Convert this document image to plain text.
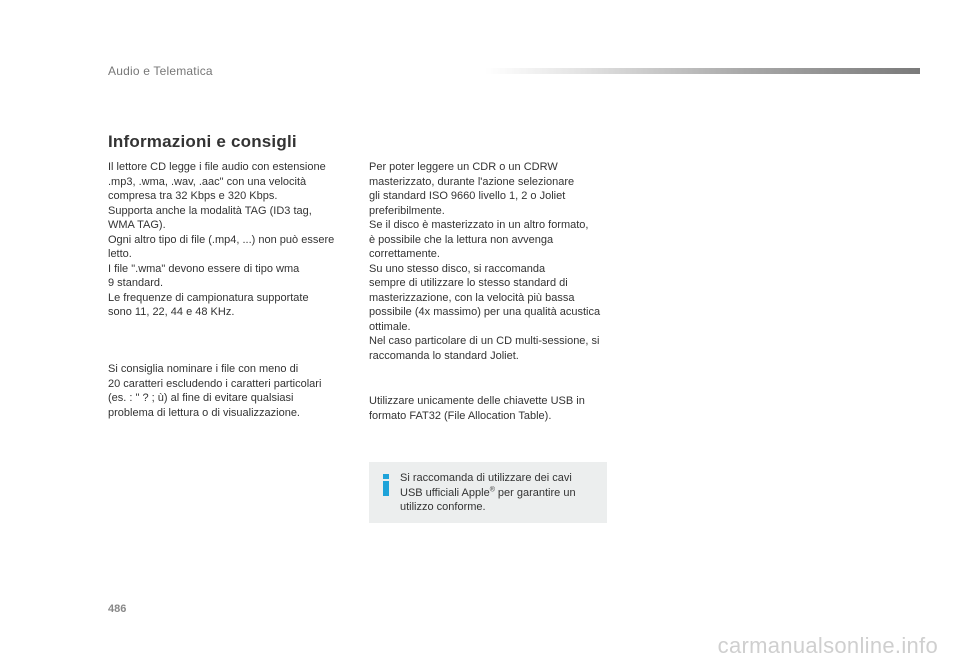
Audio e Telematica
Informazioni e consigli

Il lettore CD legge i file audio con estensione
.mp3, .wma, .wav, .aac" con una velocità
compresa tra 32 Kbps e 320 Kbps.
Supporta anche la modalità TAG (ID3 tag,
WMA TAG).
Ogni altro tipo di file (.mp4, ...) non può essere
letto.
I file ".wma" devono essere di tipo wma
9 standard.
Le frequenze di campionatura supportate
sono 11, 22, 44 e 48 KHz.

Si consiglia nominare i file con meno di
20 caratteri escludendo i caratteri particolari
(es. : " ? ; ù) al fine di evitare qualsiasi
problema di lettura o di visualizzazione.

Per poter leggere un CDR o un CDRW
masterizzato, durante l'azione selezionare
gli standard ISO 9660 livello 1, 2 o Joliet
preferibilmente.
Se il disco è masterizzato in un altro formato,
è possibile che la lettura non avvenga
correttamente.
Su uno stesso disco, si raccomanda
sempre di utilizzare lo stesso standard di
masterizzazione, con la velocità più bassa
possibile (4x massimo) per una qualità acustica
ottimale.
Nel caso particolare di un CD multi-sessione, si
raccomanda lo standard Joliet.

Utilizzare unicamente delle chiavette USB in
formato FAT32 (File Allocation Table).

Si raccomanda di utilizzare dei cavi
USB ufficiali Apple® per garantire un
utilizzo conforme.

486
carmanualsonline.info
